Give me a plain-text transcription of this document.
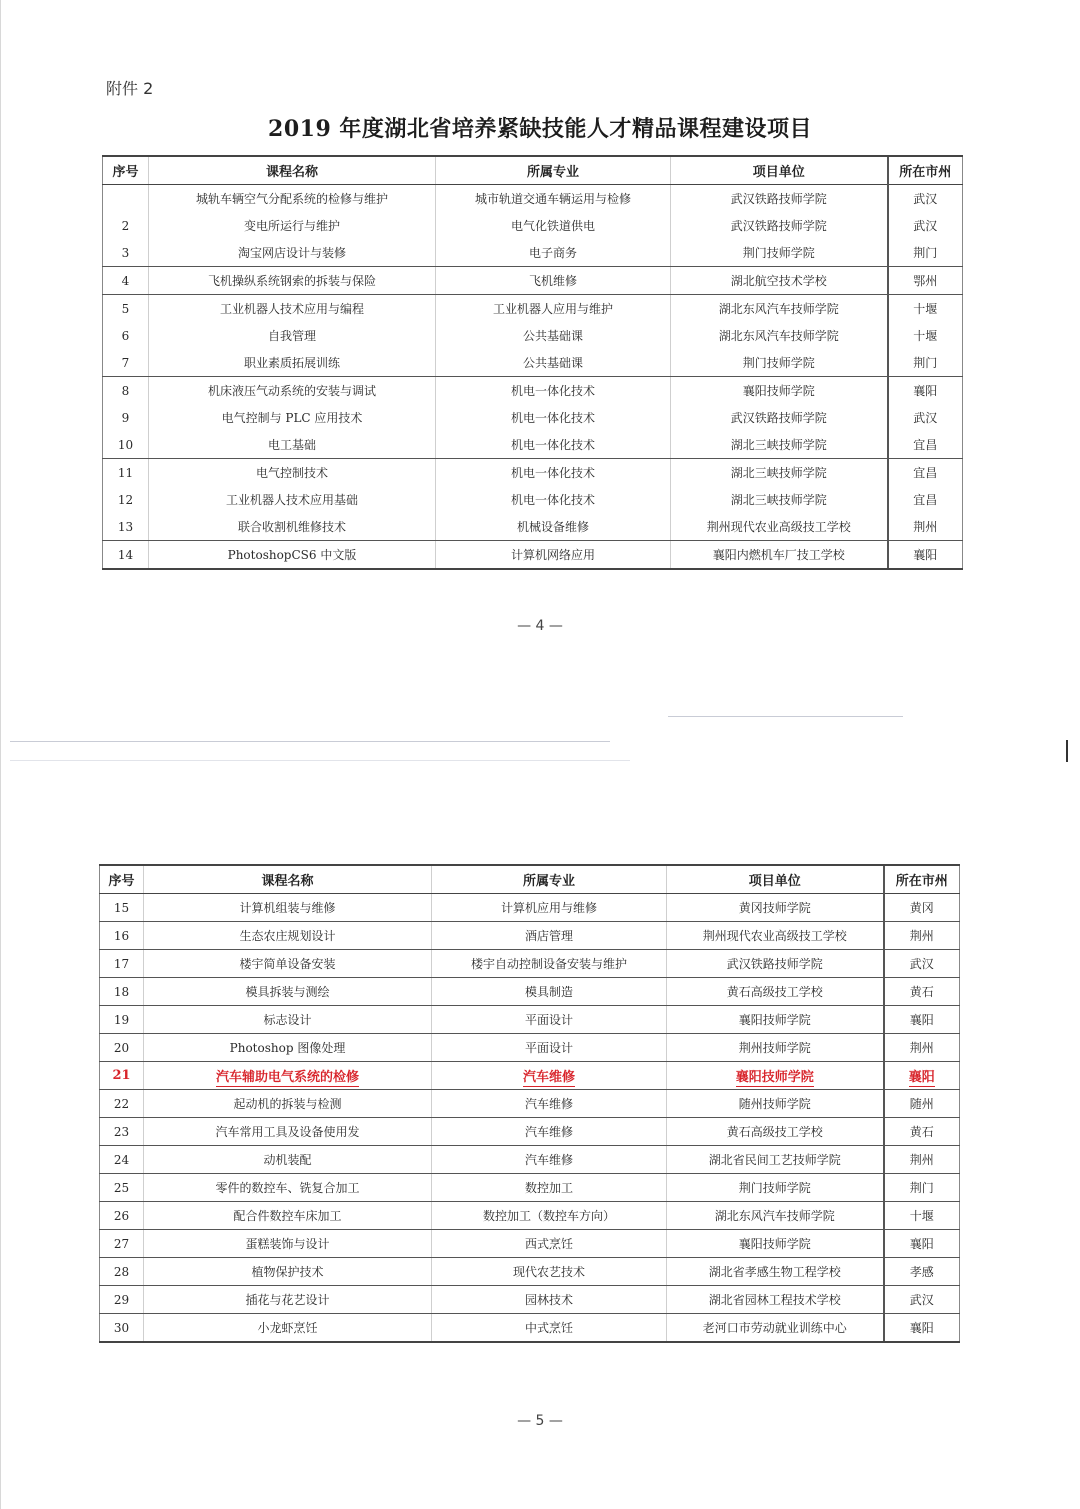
附件 2
2019 年度湖北省培养紧缺技能人才精品课程建设项目
序号	课程名称	所属专业	项目单位	所在市州
	城轨车辆空气分配系统的检修与维护	城市轨道交通车辆运用与检修	武汉铁路技师学院	武汉
2	变电所运行与维护	电气化铁道供电	武汉铁路技师学院	武汉
3	淘宝网店设计与装修	电子商务	荆门技师学院	荆门
4	飞机操纵系统钢索的拆装与保险	飞机维修	湖北航空技术学校	鄂州
5	工业机器人技术应用与编程	工业机器人应用与维护	湖北东风汽车技师学院	十堰
6	自我管理	公共基础课	湖北东风汽车技师学院	十堰
7	职业素质拓展训练	公共基础课	荆门技师学院	荆门
8	机床液压气动系统的安装与调试	机电一体化技术	襄阳技师学院	襄阳
9	电气控制与 PLC 应用技术	机电一体化技术	武汉铁路技师学院	武汉
10	电工基础	机电一体化技术	湖北三峡技师学院	宜昌
11	电气控制技术	机电一体化技术	湖北三峡技师学院	宜昌
12	工业机器人技术应用基础	机电一体化技术	湖北三峡技师学院	宜昌
13	联合收割机维修技术	机械设备维修	荆州现代农业高级技工学校	荆州
14	PhotoshopCS6 中文版	计算机网络应用	襄阳内燃机车厂技工学校	襄阳
— 4 —
序号	课程名称	所属专业	项目单位	所在市州
15	计算机组装与维修	计算机应用与维修	黄冈技师学院	黄冈
16	生态农庄规划设计	酒店管理	荆州现代农业高级技工学校	荆州
17	楼宇简单设备安装	楼宇自动控制设备安装与维护	武汉铁路技师学院	武汉
18	模具拆装与测绘	模具制造	黄石高级技工学校	黄石
19	标志设计	平面设计	襄阳技师学院	襄阳
20	Photoshop 图像处理	平面设计	荆州技师学院	荆州
21	汽车辅助电气系统的检修	汽车维修	襄阳技师学院	襄阳
22	起动机的拆装与检测	汽车维修	随州技师学院	随州
23	汽车常用工具及设备使用发	汽车维修	黄石高级技工学校	黄石
24	动机装配	汽车维修	湖北省民间工艺技师学院	荆州
25	零件的数控车、铣复合加工	数控加工	荆门技师学院	荆门
26	配合件数控车床加工	数控加工（数控车方向）	湖北东风汽车技师学院	十堰
27	蛋糕装饰与设计	西式烹饪	襄阳技师学院	襄阳
28	植物保护技术	现代农艺技术	湖北省孝感生物工程学校	孝感
29	插花与花艺设计	园林技术	湖北省园林工程技术学校	武汉
30	小龙虾烹饪	中式烹饪	老河口市劳动就业训练中心	襄阳
— 5 —
